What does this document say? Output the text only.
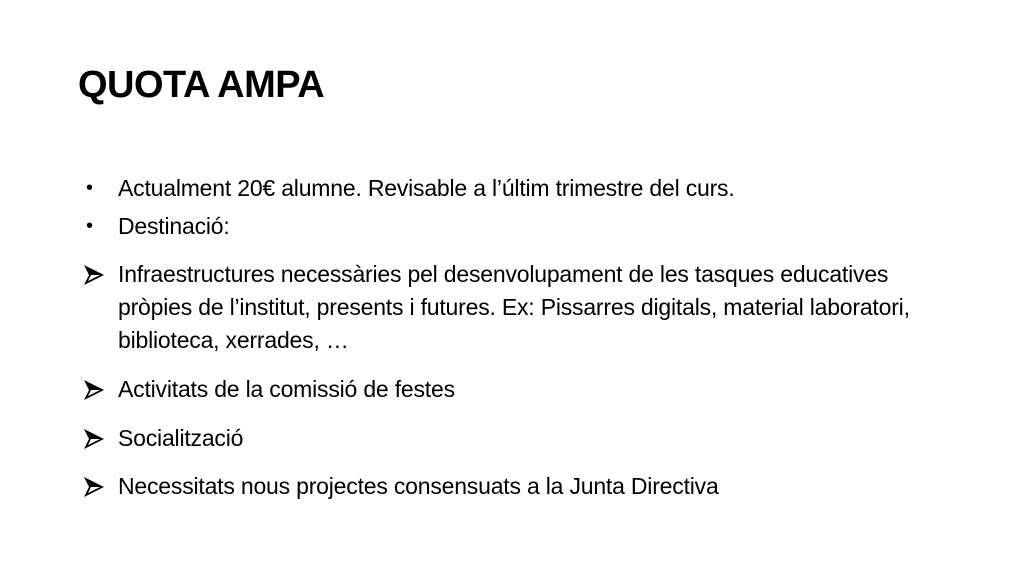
QUOTA AMPA
•	Actualment 20€ alumne. Revisable a l’últim trimestre del curs.
•	Destinació:
Infraestructures necessàries pel desenvolupament de les tasques educatives pròpies de l’institut, presents i futures. Ex: Pissarres digitals, material laboratori, biblioteca, xerrades, …
Activitats de la comissió de festes
Socialització
Necessitats nous projectes consensuats a la Junta Directiva
